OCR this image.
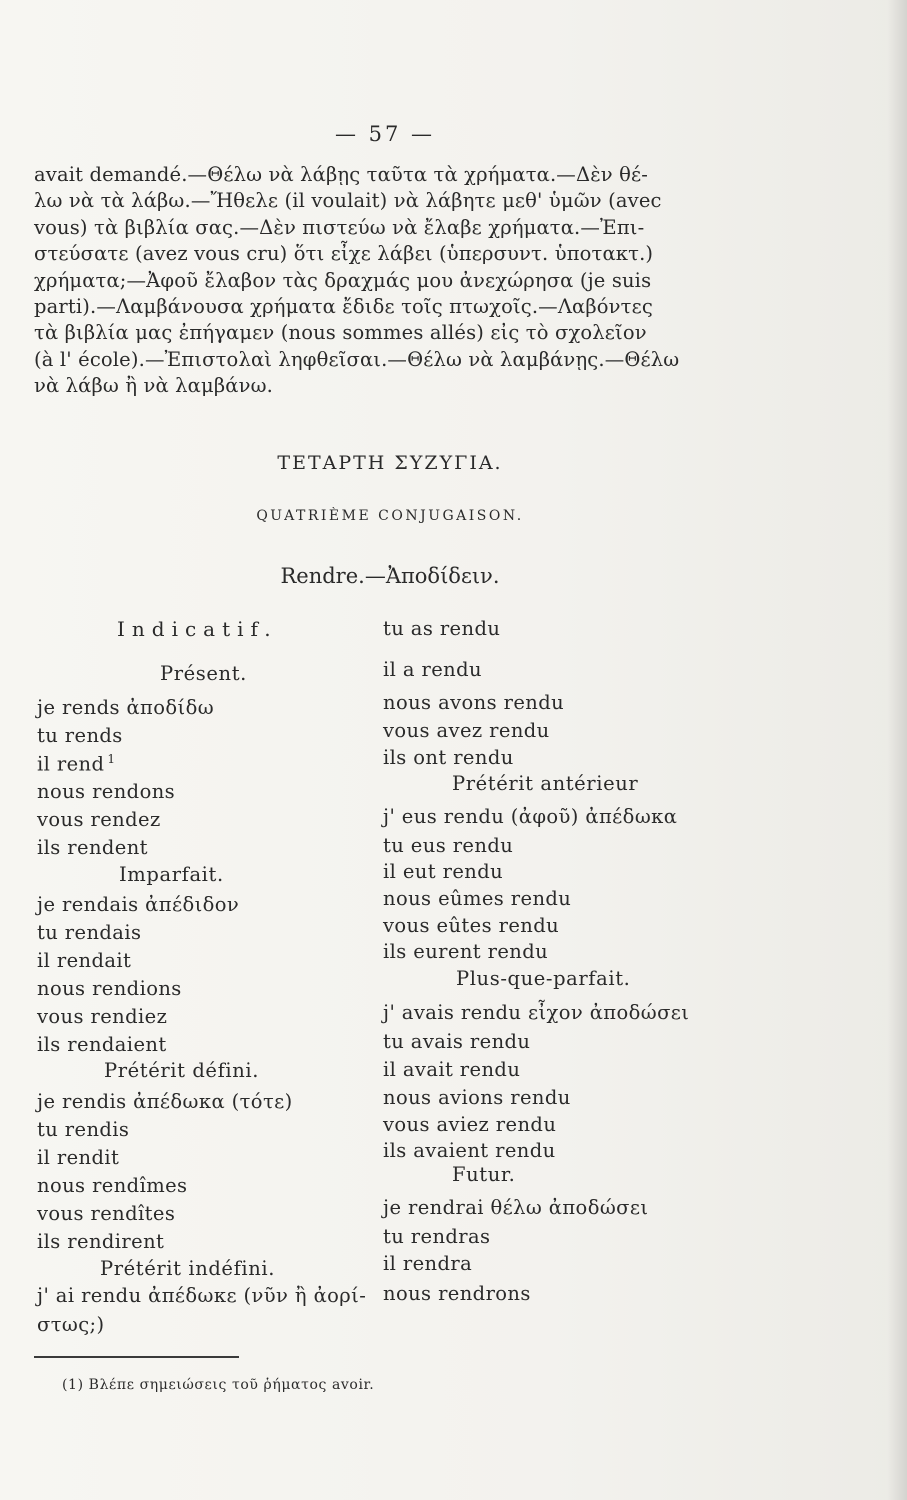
— 57 —
avait demandé.—Θέλω νὰ λάβῃς ταῦτα τὰ χρήματα.—Δὲν θέ-
λω νὰ τὰ λάβω.—Ἤθελε (il voulait) νὰ λάβητε μεθ' ὑμῶν (avec
vous) τὰ βιβλία σας.—Δὲν πιστεύω νὰ ἔλαβε χρήματα.—Ἐπι-
στεύσατε (avez vous cru) ὅτι εἶχε λάβει (ὑπερσυντ. ὑποτακτ.)
χρήματα;—Ἀφοῦ ἔλαβον τὰς δραχμάς μου ἀνεχώρησα (je suis
parti).—Λαμβάνουσα χρήματα ἔδιδε τοῖς πτωχοῖς.—Λαβόντες
τὰ βιβλία μας ἐπήγαμεν (nous sommes allés) εἰς τὸ σχολεῖον
(à l' école).—Ἐπιστολαὶ ληφθεῖσαι.—Θέλω νὰ λαμβάνῃς.—Θέλω
νὰ λάβω ἢ νὰ λαμβάνω.
ΤΕΤΑΡΤΗ ΣΥΖΥΓΙΑ.
QUATRIÈME CONJUGAISON.
Rendre.—Ἀποδίδειν.
Indicatif.
Présent.
je rends ἀποδίδω
tu rends
il rend $^1$
nous rendons
vous rendez
ils rendent
Imparfait.
je rendais ἀπέδιδον
tu rendais
il rendait
nous rendions
vous rendiez
ils rendaient
Prétérit défini.
je rendis ἀπέδωκα (τότε)
tu rendis
il rendit
nous rendîmes
vous rendîtes
ils rendirent
Prétérit indéfini.
j' ai rendu ἀπέδωκε (νῦν ἢ ἀορί-
στως;)
tu as rendu
il a rendu
nous avons rendu
vous avez rendu
ils ont rendu
Prétérit antérieur
j' eus rendu (ἀφοῦ) ἀπέδωκα
tu eus rendu
il eut rendu
nous eûmes rendu
vous eûtes rendu
ils eurent rendu
Plus-que-parfait.
j' avais rendu εἶχον ἀποδώσει
tu avais rendu
il avait rendu
nous avions rendu
vous aviez rendu
ils avaient rendu
Futur.
je rendrai θέλω ἀποδώσει
tu rendras
il rendra
nous rendrons
(1) Βλέπε σημειώσεις τοῦ ῥήματος avoir.
